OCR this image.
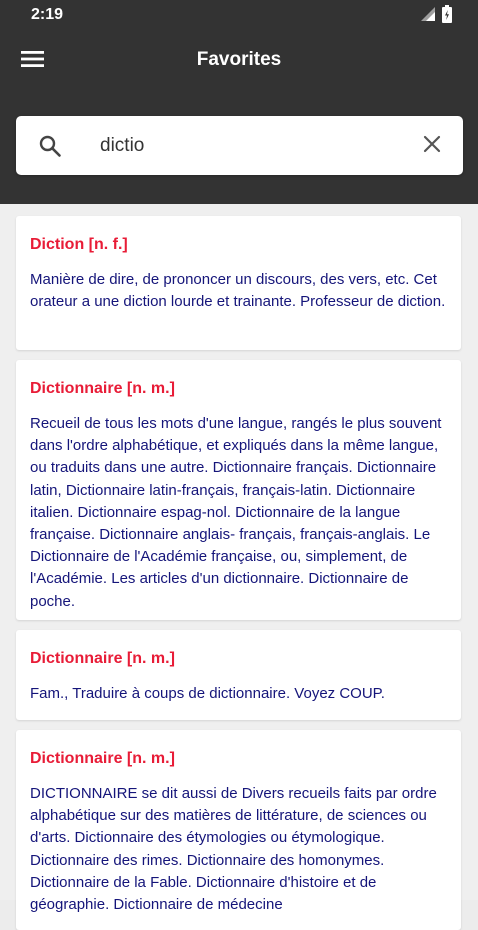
2:19
Favorites
dictio
Diction [n. f.]
Manière de dire, de prononcer un discours, des vers, etc. Cet orateur a une diction lourde et trainante. Professeur de diction.
Dictionnaire [n. m.]
Recueil de tous les mots d'une langue, rangés le plus souvent dans l'ordre alphabétique, et expliqués dans la même langue, ou traduits dans une autre. Dictionnaire français. Dictionnaire latin, Dictionnaire latin-français, français-latin. Dictionnaire italien. Dictionnaire espag-nol. Dictionnaire de la langue française. Dictionnaire anglais- français, français-anglais. Le Dictionnaire de l'Académie française, ou, simplement, de l'Académie. Les articles d'un dictionnaire. Dictionnaire de poche.
Dictionnaire [n. m.]
Fam., Traduire à coups de dictionnaire. Voyez COUP.
Dictionnaire [n. m.]
DICTIONNAIRE se dit aussi de Divers recueils faits par ordre alphabétique sur des matières de littérature, de sciences ou d'arts. Dictionnaire des étymologies ou étymologique. Dictionnaire des rimes. Dictionnaire des homonymes. Dictionnaire de la Fable. Dictionnaire d'histoire et de géographie. Dictionnaire de médecine
